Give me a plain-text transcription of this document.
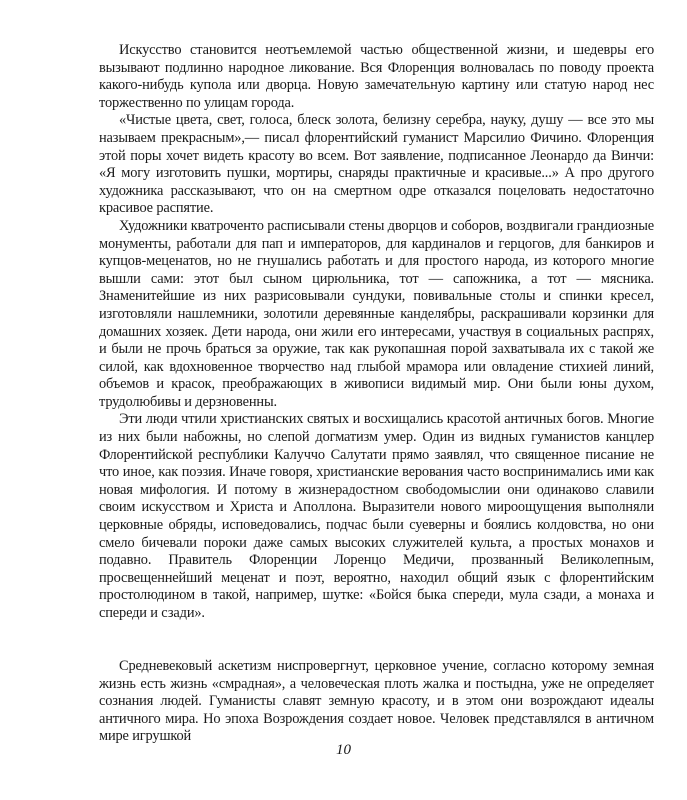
Искусство становится неотъемлемой частью общественной жизни, и шедевры его вызывают подлинно народное ликование. Вся Флоренция волновалась по поводу проекта какого-нибудь купола или дворца. Новую замечательную картину или статую народ нес торжественно по улицам города.

«Чистые цвета, свет, голоса, блеск золота, белизну серебра, науку, душу — все это мы называем прекрасным»,— писал флорентийский гуманист Марсилио Фичино. Флоренция этой поры хочет видеть красоту во всем. Вот заявление, подписанное Леонардо да Винчи: «Я могу изготовить пушки, мортиры, снаряды практичные и красивые...» А про другого художника рассказывают, что он на смертном одре отказался поцеловать недостаточно красивое распятие.

Художники кватроченто расписывали стены дворцов и соборов, воздвигали грандиозные монументы, работали для пап и императоров, для кардиналов и герцогов, для банкиров и купцов-меценатов, но не гнушались работать и для простого народа, из которого многие вышли сами: этот был сыном цирюльника, тот — сапожника, а тот — мясника. Знаменитейшие из них разрисовывали сундуки, повивальные столы и спинки кресел, изготовляли нашлемники, золотили деревянные канделябры, раскрашивали корзинки для домашних хозяек. Дети народа, они жили его интересами, участвуя в социальных распрях, и были не прочь браться за оружие, так как рукопашная порой захватывала их с такой же силой, как вдохновенное творчество над глыбой мрамора или овладение стихией линий, объемов и красок, преображающих в живописи видимый мир. Они были юны духом, трудолюбивы и дерзновенны.

Эти люди чтили христианских святых и восхищались красотой античных богов. Многие из них были набожны, но слепой догматизм умер. Один из видных гуманистов канцлер Флорентийской республики Калуччо Салутати прямо заявлял, что священное писание не что иное, как поэзия. Иначе говоря, христианские верования часто воспринимались ими как новая мифология. И потому в жизнерадостном свободомыслии они одинаково славили своим искусством и Христа и Аполлона. Выразители нового мироощущения выполняли церковные обряды, исповедовались, подчас были суеверны и боялись колдовства, но они смело бичевали пороки даже самых высоких служителей культа, а простых монахов и подавно. Правитель Флоренции Лоренцо Медичи, прозванный Великолепным, просвещеннейший меценат и поэт, вероятно, находил общий язык с флорентийским простолюдином в такой, например, шутке: «Бойся быка спереди, мула сзади, а монаха и спереди и сзади».

Средневековый аскетизм ниспровергнут, церковное учение, согласно которому земная жизнь есть жизнь «смрадная», а человеческая плоть жалка и постыдна, уже не определяет сознания людей. Гуманисты славят земную красоту, и в этом они возрождают идеалы античного мира. Но эпоха Возрождения создает новое. Человек представлялся в античном мире игрушкой

10
